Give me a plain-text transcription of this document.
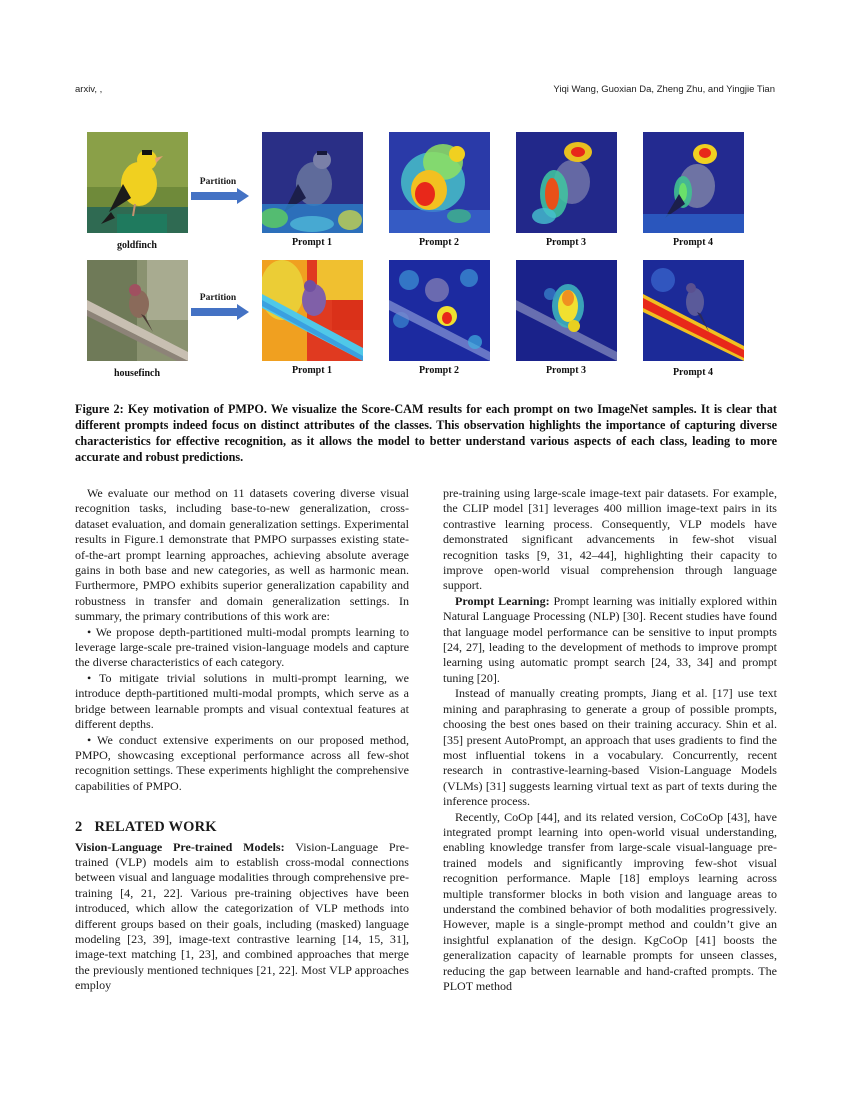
arxiv, ,	Yiqi Wang, Guoxian Da, Zheng Zhu, and Yingjie Tian
Partition
goldfinch	Prompt 1	Prompt 2	Prompt 3	Prompt 4
Partition
housefinch	Prompt 1	Prompt 2	Prompt 3	Prompt 4
Figure 2: Key motivation of PMPO. We visualize the Score-CAM results for each prompt on two ImageNet samples. It is clear that different prompts indeed focus on distinct attributes of the classes. This observation highlights the importance of capturing diverse characteristics for effective recognition, as it allows the model to better understand various aspects of each class, leading to more accurate and robust predictions.

We evaluate our method on 11 datasets covering diverse visual recognition tasks, including base-to-new generalization, cross-dataset evaluation, and domain generalization settings. Experimental results in Figure.1 demonstrate that PMPO surpasses existing state-of-the-art prompt learning approaches, achieving absolute average gains in both base and new categories, as well as harmonic mean. Furthermore, PMPO exhibits superior generalization capability and robustness in transfer and domain generalization settings. In summary, the primary contributions of this work are:

• We propose depth-partitioned multi-modal prompts learning to leverage large-scale pre-trained vision-language models and capture the diverse characteristics of each category.

• To mitigate trivial solutions in multi-prompt learning, we introduce depth-partitioned multi-modal prompts, which serve as a bridge between learnable prompts and visual contextual features at different depths.

• We conduct extensive experiments on our proposed method, PMPO, showcasing exceptional performance across all few-shot recognition settings. These experiments highlight the comprehensive capabilities of PMPO.

2 RELATED WORK

Vision-Language Pre-trained Models: Vision-Language Pre-trained (VLP) models aim to establish cross-modal connections between visual and language modalities through comprehensive pre-training [4, 21, 22]. Various pre-training objectives have been introduced, which allow the categorization of VLP methods into different groups based on their goals, including (masked) language modeling [23, 39], image-text contrastive learning [14, 15, 31], image-text matching [1, 23], and combined approaches that merge the previously mentioned techniques [21, 22]. Most VLP approaches employ

pre-training using large-scale image-text pair datasets. For example, the CLIP model [31] leverages 400 million image-text pairs in its contrastive learning process. Consequently, VLP models have demonstrated significant advancements in few-shot visual recognition tasks [9, 31, 42–44], highlighting their capacity to improve open-world visual comprehension through language support.

Prompt Learning: Prompt learning was initially explored within Natural Language Processing (NLP) [30]. Recent studies have found that language model performance can be sensitive to input prompts [24, 27], leading to the development of methods to improve prompt learning using automatic prompt search [24, 33, 34] and prompt tuning [20].

Instead of manually creating prompts, Jiang et al. [17] use text mining and paraphrasing to generate a group of possible prompts, choosing the best ones based on their training accuracy. Shin et al. [35] present AutoPrompt, an approach that uses gradients to find the most influential tokens in a vocabulary. Concurrently, recent research in contrastive-learning-based Vision-Language Models (VLMs) [31] suggests learning virtual text as part of texts during the inference process.

Recently, CoOp [44], and its related version, CoCoOp [43], have integrated prompt learning into open-world visual understanding, enabling knowledge transfer from large-scale visual-language pre-trained models and significantly improving few-shot visual recognition performance. Maple [18] employs learning across multiple transformer blocks in both vision and language areas to understand the combined behavior of both modalities progressively. However, maple is a single-prompt method and couldn’t give an insightful explanation of the design. KgCoOp [41] boosts the generalization capacity of learnable prompts for unseen classes, reducing the gap between learnable and hand-crafted prompts. The PLOT method
